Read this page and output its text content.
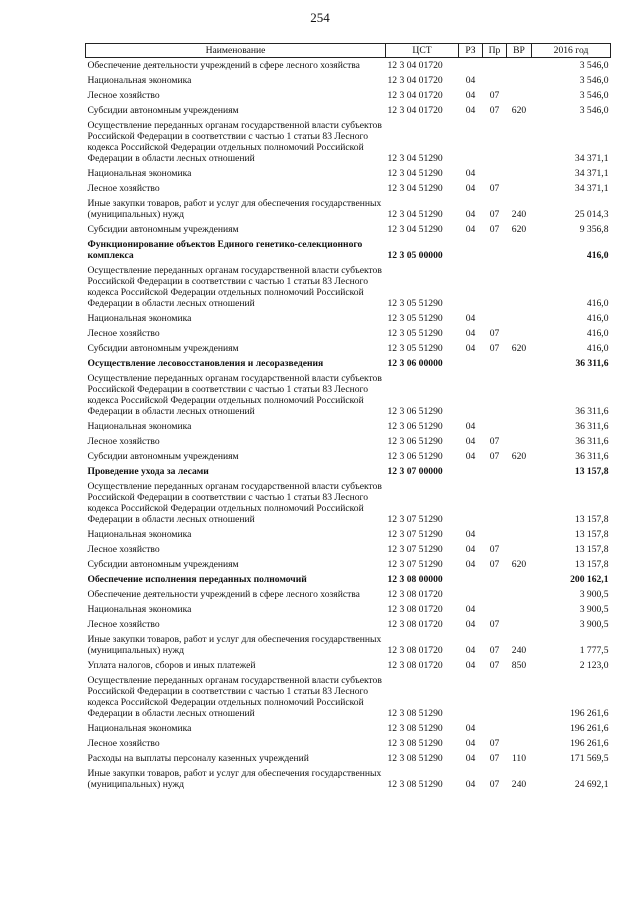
254
Наименование	ЦСТ	РЗ	Пр	ВР	2016 год
Обеспечение деятельности учреждений в сфере лесного хозяйства	12 3 04 01720				3 546,0
Национальная экономика	12 3 04 01720	04			3 546,0
Лесное хозяйство	12 3 04 01720	04	07		3 546,0
Субсидии автономным учреждениям	12 3 04 01720	04	07	620	3 546,0
Осуществление переданных органам государственной власти субъектов Российской Федерации в соответствии с частью 1 статьи 83 Лесного кодекса Российской Федерации отдельных полномочий Российской Федерации в области лесных отношений	12 3 04 51290				34 371,1
Национальная экономика	12 3 04 51290	04			34 371,1
Лесное хозяйство	12 3 04 51290	04	07		34 371,1
Иные закупки товаров, работ и услуг для обеспечения государственных (муниципальных) нужд	12 3 04 51290	04	07	240	25 014,3
Субсидии автономным учреждениям	12 3 04 51290	04	07	620	9 356,8
Функционирование объектов Единого генетико-селекционного комплекса	12 3 05 00000				416,0
Осуществление переданных органам государственной власти субъектов Российской Федерации в соответствии с частью 1 статьи 83 Лесного кодекса Российской Федерации отдельных полномочий Российской Федерации в области лесных отношений	12 3 05 51290				416,0
Национальная экономика	12 3 05 51290	04			416,0
Лесное хозяйство	12 3 05 51290	04	07		416,0
Субсидии автономным учреждениям	12 3 05 51290	04	07	620	416,0
Осуществление лесовосстановления и лесоразведения	12 3 06 00000				36 311,6
Осуществление переданных органам государственной власти субъектов Российской Федерации в соответствии с частью 1 статьи 83 Лесного кодекса Российской Федерации отдельных полномочий Российской Федерации в области лесных отношений	12 3 06 51290				36 311,6
Национальная экономика	12 3 06 51290	04			36 311,6
Лесное хозяйство	12 3 06 51290	04	07		36 311,6
Субсидии автономным учреждениям	12 3 06 51290	04	07	620	36 311,6
Проведение ухода за лесами	12 3 07 00000				13 157,8
Осуществление переданных органам государственной власти субъектов Российской Федерации в соответствии с частью 1 статьи 83 Лесного кодекса Российской Федерации отдельных полномочий Российской Федерации в области лесных отношений	12 3 07 51290				13 157,8
Национальная экономика	12 3 07 51290	04			13 157,8
Лесное хозяйство	12 3 07 51290	04	07		13 157,8
Субсидии автономным учреждениям	12 3 07 51290	04	07	620	13 157,8
Обеспечение исполнения переданных полномочий	12 3 08 00000				200 162,1
Обеспечение деятельности учреждений в сфере лесного хозяйства	12 3 08 01720				3 900,5
Национальная экономика	12 3 08 01720	04			3 900,5
Лесное хозяйство	12 3 08 01720	04	07		3 900,5
Иные закупки товаров, работ и услуг для обеспечения государственных (муниципальных) нужд	12 3 08 01720	04	07	240	1 777,5
Уплата налогов, сборов и иных платежей	12 3 08 01720	04	07	850	2 123,0
Осуществление переданных органам государственной власти субъектов Российской Федерации в соответствии с частью 1 статьи 83 Лесного кодекса Российской Федерации отдельных полномочий Российской Федерации в области лесных отношений	12 3 08 51290				196 261,6
Национальная экономика	12 3 08 51290	04			196 261,6
Лесное хозяйство	12 3 08 51290	04	07		196 261,6
Расходы на выплаты персоналу казенных учреждений	12 3 08 51290	04	07	110	171 569,5
Иные закупки товаров, работ и услуг для обеспечения государственных (муниципальных) нужд	12 3 08 51290	04	07	240	24 692,1
